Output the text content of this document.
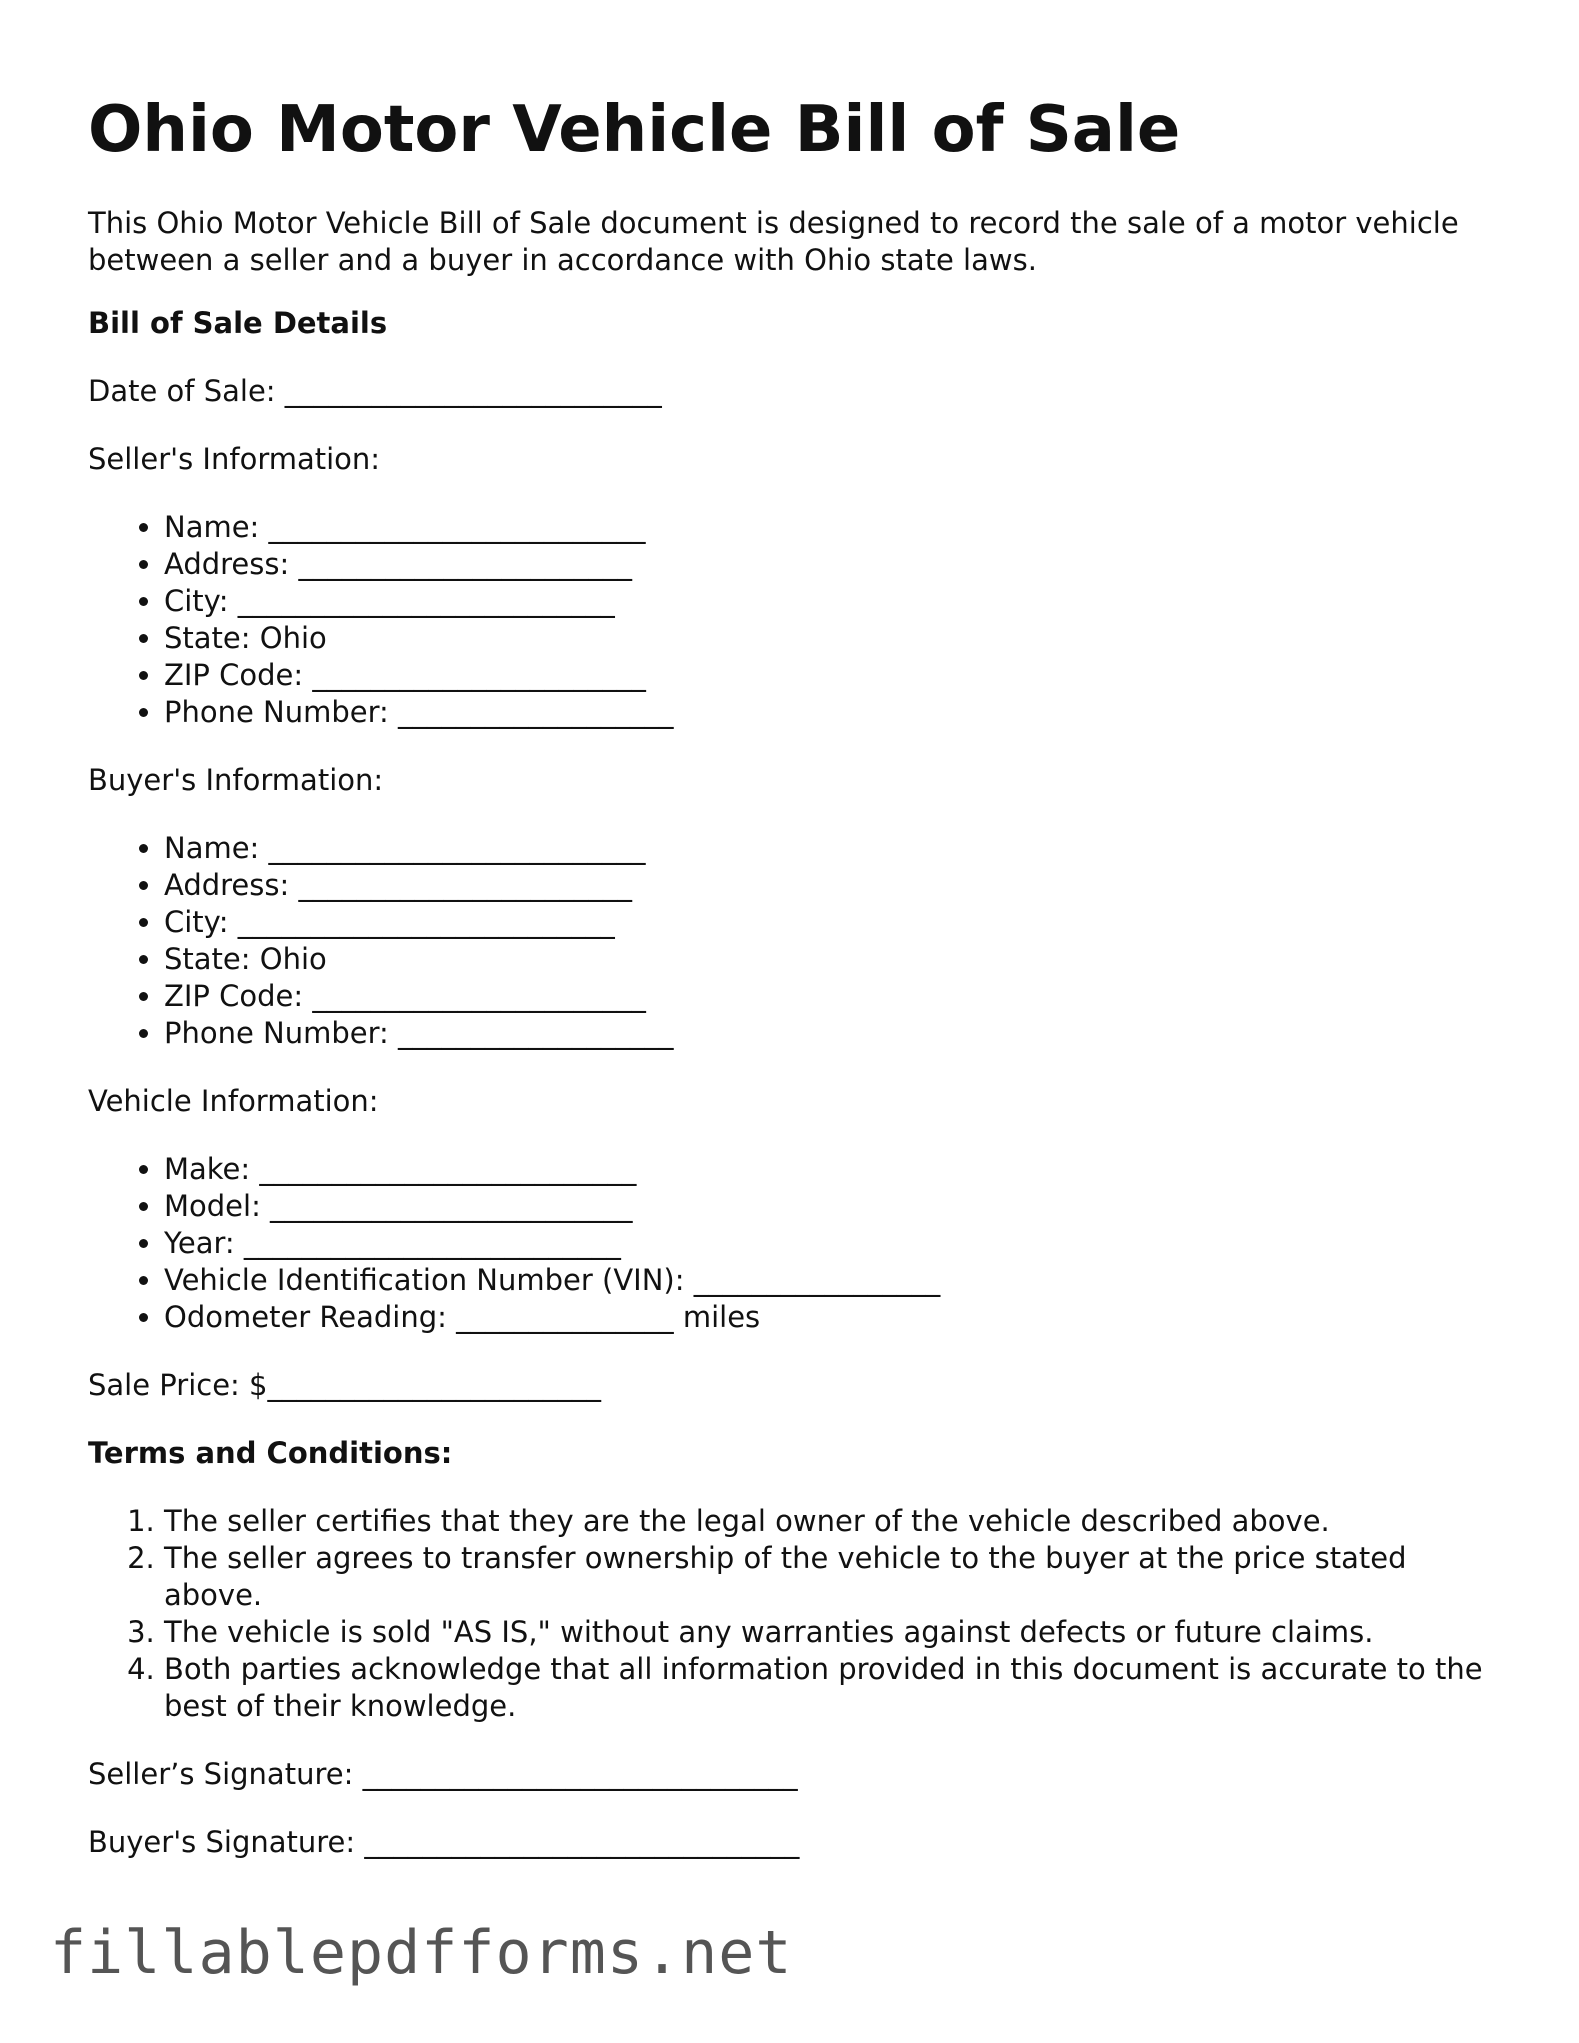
Ohio Motor Vehicle Bill of Sale

This Ohio Motor Vehicle Bill of Sale document is designed to record the sale of a motor vehicle between a seller and a buyer in accordance with Ohio state laws.

Bill of Sale Details
Date of Sale: __________________________
Seller's Information:
• Name: __________________________
• Address: _______________________
• City: __________________________
• State: Ohio
• ZIP Code: _______________________
• Phone Number: ___________________
Buyer's Information:
• Name: __________________________
• Address: _______________________
• City: __________________________
• State: Ohio
• ZIP Code: _______________________
• Phone Number: ___________________
Vehicle Information:
• Make: __________________________
• Model: _________________________
• Year: __________________________
• Vehicle Identification Number (VIN): _________________
• Odometer Reading: _______________ miles
Sale Price: $_______________________
Terms and Conditions:
1. The seller certifies that they are the legal owner of the vehicle described above.
2. The seller agrees to transfer ownership of the vehicle to the buyer at the price stated above.
3. The vehicle is sold "AS IS," without any warranties against defects or future claims.
4. Both parties acknowledge that all information provided in this document is accurate to the best of their knowledge.
Seller’s Signature: ______________________________
Buyer's Signature: ______________________________
fillablepdfforms.net
